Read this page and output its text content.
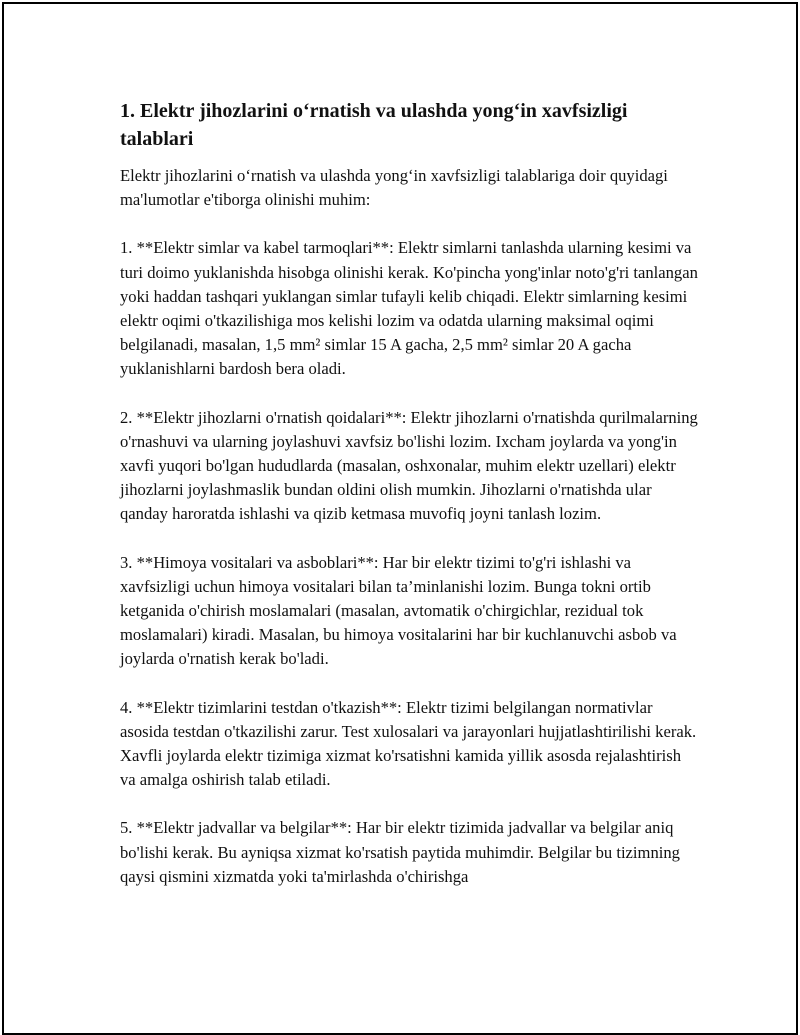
1. Elektr jihozlarini o‘rnatish va ulashda yong‘in xavfsizligi talablari

Elektr jihozlarini o‘rnatish va ulashda yong‘in xavfsizligi talablariga doir quyidagi ma'lumotlar e'tiborga olinishi muhim:

1. **Elektr simlar va kabel tarmoqlari**: Elektr simlarni tanlashda ularning kesimi va turi doimo yuklanishda hisobga olinishi kerak. Ko'pincha yong'inlar noto'g'ri tanlangan yoki haddan tashqari yuklangan simlar tufayli kelib chiqadi. Elektr simlarning kesimi elektr oqimi o'tkazilishiga mos kelishi lozim va odatda ularning maksimal oqimi belgilanadi, masalan, 1,5 mm² simlar 15 A gacha, 2,5 mm² simlar 20 A gacha yuklanishlarni bardosh bera oladi.

2. **Elektr jihozlarni o'rnatish qoidalari**: Elektr jihozlarni o'rnatishda qurilmalarning o'rnashuvi va ularning joylashuvi xavfsiz bo'lishi lozim. Ixcham joylarda va yong'in xavfi yuqori bo'lgan hududlarda (masalan, oshxonalar, muhim elektr uzellari) elektr jihozlarni joylashmaslik bundan oldini olish mumkin. Jihozlarni o'rnatishda ular qanday haroratda ishlashi va qizib ketmasa muvofiq joyni tanlash lozim.

3. **Himoya vositalari va asboblari**: Har bir elektr tizimi to'g'ri ishlashi va xavfsizligi uchun himoya vositalari bilan ta’minlanishi lozim. Bunga tokni ortib ketganida o'chirish moslamalari (masalan, avtomatik o'chirgichlar, rezidual tok moslamalari) kiradi. Masalan, bu himoya vositalarini har bir kuchlanuvchi asbob va joylarda o'rnatish kerak bo'ladi.

4. **Elektr tizimlarini testdan o'tkazish**: Elektr tizimi belgilangan normativlar asosida testdan o'tkazilishi zarur. Test xulosalari va jarayonlari hujjatlashtirilishi kerak. Xavfli joylarda elektr tizimiga xizmat ko'rsatishni kamida yillik asosda rejalashtirish va amalga oshirish talab etiladi.

5. **Elektr jadvallar va belgilar**: Har bir elektr tizimida jadvallar va belgilar aniq bo'lishi kerak. Bu ayniqsa xizmat ko'rsatish paytida muhimdir. Belgilar bu tizimning qaysi qismini xizmatda yoki ta'mirlashda o'chirishga
